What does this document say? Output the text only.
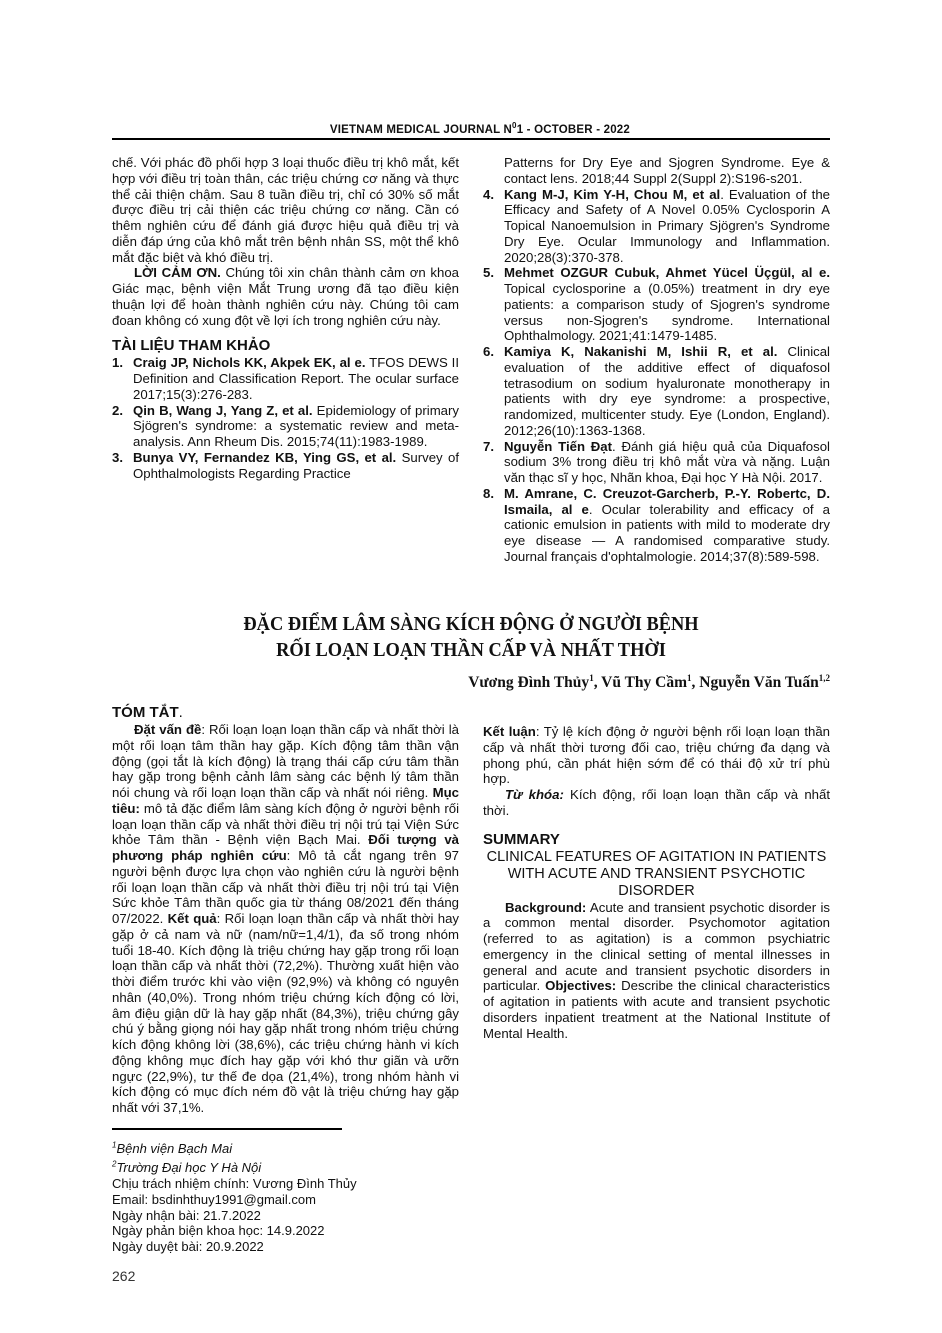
VIETNAM MEDICAL JOURNAL $N^01$ - OCTOBER - 2022

chế. Với phác đồ phối hợp 3 loại thuốc điều trị khô mắt, kết hợp với điều trị toàn thân, các triệu chứng cơ năng và thực thể cải thiện chậm. Sau 8 tuần điều trị, chỉ có 30% số mắt được điều trị cải thiện các triệu chứng cơ năng. Cần có thêm nghiên cứu để đánh giá được hiệu quả điều trị và diễn đáp ứng của khô mắt trên bệnh nhân SS, một thể khô mắt đặc biệt và khó điều trị.

LỜI CẢM ƠN. Chúng tôi xin chân thành cảm ơn khoa Giác mạc, bệnh viện Mắt Trung ương đã tạo điều kiện thuận lợi để hoàn thành nghiên cứu này. Chúng tôi cam đoan không có xung đột về lợi ích trong nghiên cứu này.

TÀI LIỆU THAM KHẢO
1. Craig JP, Nichols KK, Akpek EK, al e. TFOS DEWS II Definition and Classification Report. The ocular surface 2017;15(3):276-283.
2. Qin B, Wang J, Yang Z, et al. Epidemiology of primary Sjögren's syndrome: a systematic review and meta-analysis. Ann Rheum Dis. 2015;74(11):1983-1989.
3. Bunya VY, Fernandez KB, Ying GS, et al. Survey of Ophthalmologists Regarding Practice
Patterns for Dry Eye and Sjogren Syndrome. Eye & contact lens. 2018;44 Suppl 2(Suppl 2):S196-s201.
4. Kang M-J, Kim Y-H, Chou M, et al. Evaluation of the Efficacy and Safety of A Novel 0.05% Cyclosporin A Topical Nanoemulsion in Primary Sjögren's Syndrome Dry Eye. Ocular Immunology and Inflammation. 2020;28(3):370-378.
5. Mehmet OZGUR Cubuk, Ahmet Yücel Üçgül, al e. Topical cyclosporine a (0.05%) treatment in dry eye patients: a comparison study of Sjogren's syndrome versus non-Sjogren's syndrome. International Ophthalmology. 2021;41:1479-1485.
6. Kamiya K, Nakanishi M, Ishii R, et al. Clinical evaluation of the additive effect of diquafosol tetrasodium on sodium hyaluronate monotherapy in patients with dry eye syndrome: a prospective, randomized, multicenter study. Eye (London, England). 2012;26(10):1363-1368.
7. Nguyễn Tiến Đạt. Đánh giá hiệu quả của Diquafosol sodium 3% trong điều trị khô mắt vừa và nặng. Luận văn thạc sĩ y học, Nhãn khoa, Đại học Y Hà Nội. 2017.
8. M. Amrane, C. Creuzot-Garcherb, P.-Y. Robertc, D. Ismaila, al e. Ocular tolerability and efficacy of a cationic emulsion in patients with mild to moderate dry eye disease — A randomised comparative study. Journal français d'ophtalmologie. 2014;37(8):589-598.
ĐẶC ĐIỂM LÂM SÀNG KÍCH ĐỘNG Ở NGƯỜI BỆNH
RỐI LOẠN LOẠN THẦN CẤP VÀ NHẤT THỜI
Vương Đình Thủy$^1$, Vũ Thy Cầm$^1$, Nguyễn Văn Tuấn$^{1,2}$
TÓM TẮT.

Đặt vấn đề: Rối loạn loạn loạn thần cấp và nhất thời là một rối loạn tâm thần hay gặp. Kích động tâm thần vận động (gọi tắt là kích động) là trạng thái cấp cứu tâm thần hay gặp trong bệnh cảnh lâm sàng các bệnh lý tâm thần nói chung và rối loạn loạn thần cấp và nhất nói riêng. Mục tiêu: mô tả đặc điểm lâm sàng kích động ở người bệnh rối loạn loạn thần cấp và nhất thời điều trị nội trú tại Viện Sức khỏe Tâm thần - Bệnh viện Bạch Mai. Đối tượng và phương pháp nghiên cứu: Mô tả cắt ngang trên 97 người bệnh được lựa chọn vào nghiên cứu là người bệnh rối loạn loạn thần cấp và nhất thời điều trị nội trú tại Viện Sức khỏe Tâm thần quốc gia từ tháng 08/2021 đến tháng 07/2022. Kết quả: Rối loạn loạn thần cấp và nhất thời hay gặp ở cả nam và nữ (nam/nữ=1,4/1), đa số trong nhóm tuổi 18-40. Kích động là triệu chứng hay gặp trong rối loạn loạn thần cấp và nhất thời (72,2%). Thường xuất hiện vào thời điểm trước khi vào viện (92,9%) và không có nguyên nhân (40,0%). Trong nhóm triệu chứng kích động có lời, âm điệu giận dữ là hay gặp nhất (84,3%), triệu chứng gây chú ý bằng giọng nói hay gặp nhất trong nhóm triệu chứng kích động không lời (38,6%), các triệu chứng hành vi kích động không mục đích hay gặp với khó thư giãn và ưỡn ngực (22,9%), tư thế đe dọa (21,4%), trong nhóm hành vi kích động có mục đích ném đồ vật là triệu chứng hay gặp nhất với 37,1%.

$^1$Bệnh viện Bạch Mai
$^2$Trường Đại học Y Hà Nội
Chịu trách nhiệm chính: Vương Đình Thủy
Email: bsdinhthuy1991@gmail.com
Ngày nhận bài: 21.7.2022
Ngày phản biện khoa học: 14.9.2022
Ngày duyệt bài: 20.9.2022
262

Kết luận: Tỷ lệ kích động ở người bệnh rối loạn loạn thần cấp và nhất thời tương đối cao, triệu chứng đa dạng và phong phú, cần phát hiện sớm để có thái độ xử trí phù hợp.

Từ khóa: Kích động, rối loạn loạn thần cấp và nhất thời.

SUMMARY
CLINICAL FEATURES OF AGITATION IN PATIENTS WITH ACUTE AND TRANSIENT PSYCHOTIC DISORDER

Background: Acute and transient psychotic disorder is a common mental disorder. Psychomotor agitation (referred to as agitation) is a common psychiatric emergency in the clinical setting of mental illnesses in general and acute and transient psychotic disorders in particular. Objectives: Describe the clinical characteristics of agitation in patients with acute and transient psychotic disorders inpatient treatment at the National Institute of Mental Health.
